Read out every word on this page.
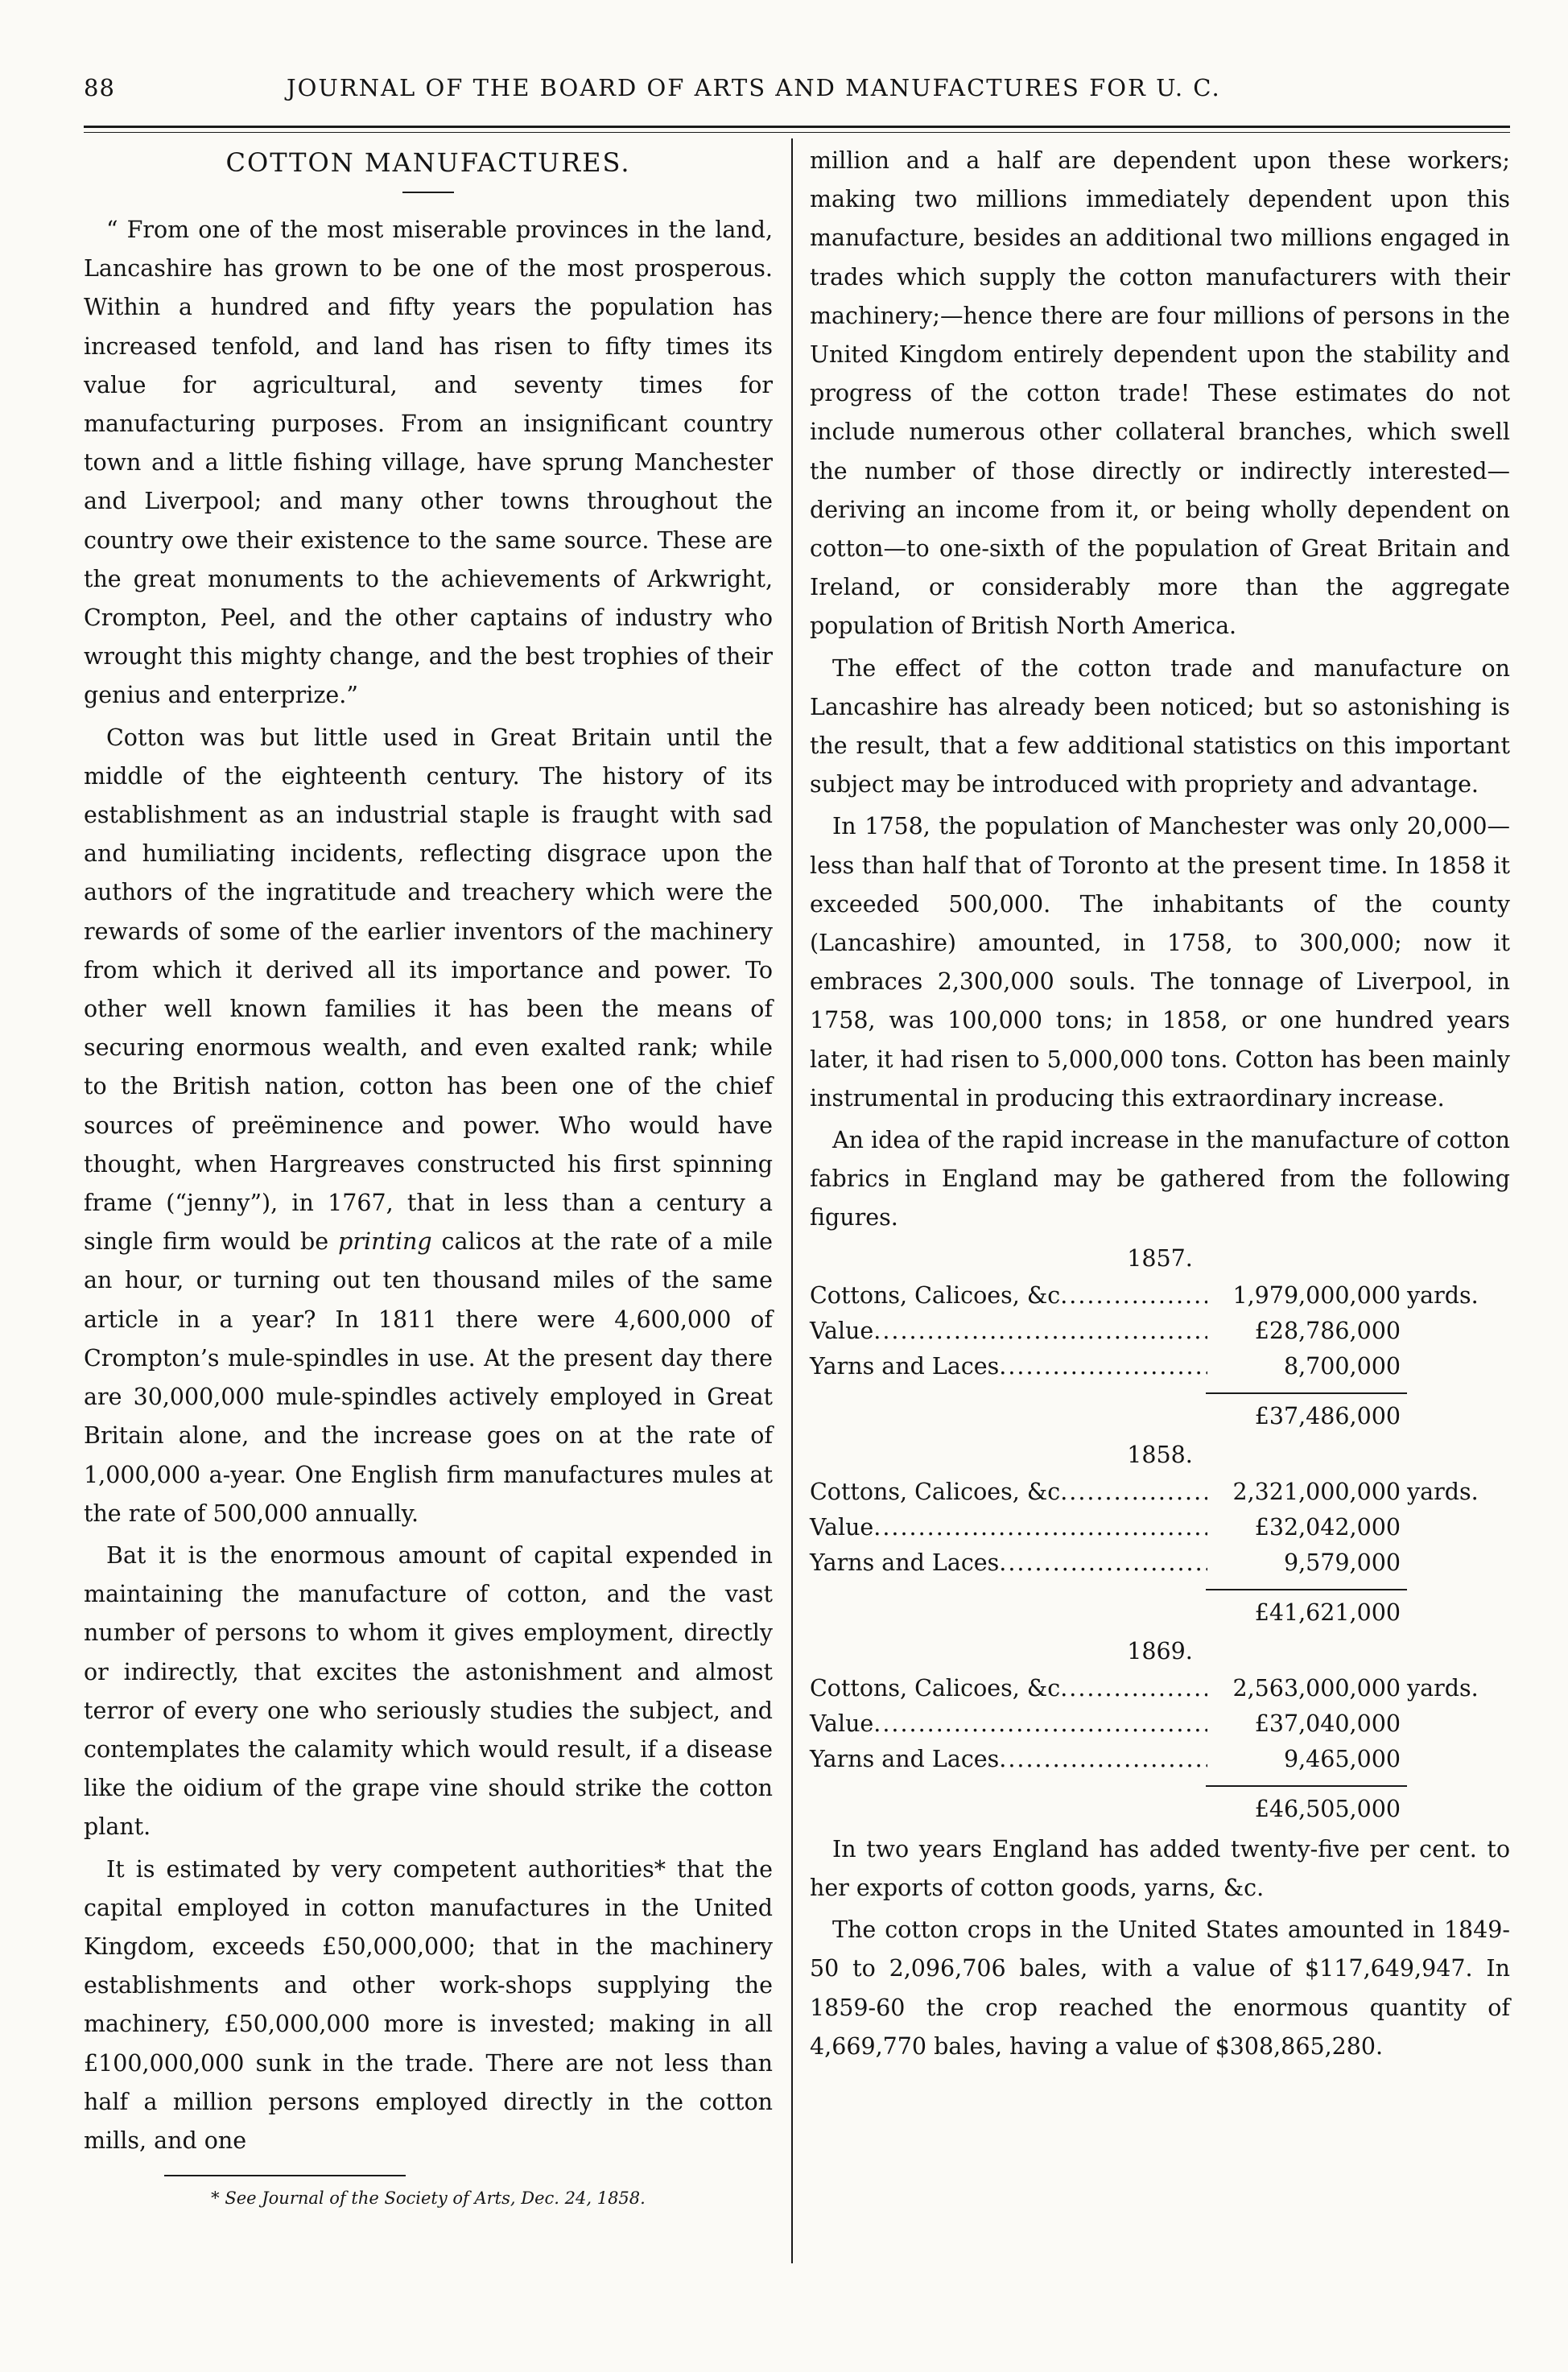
88	JOURNAL OF THE BOARD OF ARTS AND MANUFACTURES FOR U. C.
COTTON MANUFACTURES.

“ From one of the most miserable provinces in the land, Lancashire has grown to be one of the most prosperous. Within a hundred and fifty years the population has increased tenfold, and land has risen to fifty times its value for agricultural, and seventy times for manufacturing purposes. From an insignificant country town and a little fishing village, have sprung Manchester and Liverpool; and many other towns throughout the country owe their existence to the same source. These are the great monuments to the achievements of Arkwright, Crompton, Peel, and the other captains of industry who wrought this mighty change, and the best trophies of their genius and enterprize.”

Cotton was but little used in Great Britain until the middle of the eighteenth century. The history of its establishment as an industrial staple is fraught with sad and humiliating incidents, reflecting disgrace upon the authors of the ingratitude and treachery which were the rewards of some of the earlier inventors of the machinery from which it derived all its importance and power. To other well known families it has been the means of securing enormous wealth, and even exalted rank; while to the British nation, cotton has been one of the chief sources of preëminence and power. Who would have thought, when Hargreaves constructed his first spinning frame (“jenny”), in 1767, that in less than a century a single firm would be printing calicos at the rate of a mile an hour, or turning out ten thousand miles of the same article in a year? In 1811 there were 4,600,000 of Crompton’s mule-spindles in use. At the present day there are 30,000,000 mule-spindles actively employed in Great Britain alone, and the increase goes on at the rate of 1,000,000 a-year. One English firm manufactures mules at the rate of 500,000 annually.

Bat it is the enormous amount of capital expended in maintaining the manufacture of cotton, and the vast number of persons to whom it gives employment, directly or indirectly, that excites the astonishment and almost terror of every one who seriously studies the subject, and contemplates the calamity which would result, if a disease like the oidium of the grape vine should strike the cotton plant.

It is estimated by very competent authorities* that the capital employed in cotton manufactures in the United Kingdom, exceeds £50,000,000; that in the machinery establishments and other work-shops supplying the machinery, £50,000,000 more is invested; making in all £100,000,000 sunk in the trade. There are not less than half a million persons employed directly in the cotton mills, and one

* See Journal of the Society of Arts, Dec. 24, 1858.

million and a half are dependent upon these workers; making two millions immediately dependent upon this manufacture, besides an additional two millions engaged in trades which supply the cotton manufacturers with their machinery;—hence there are four millions of persons in the United Kingdom entirely dependent upon the stability and progress of the cotton trade! These estimates do not include numerous other collateral branches, which swell the number of those directly or indirectly interested—deriving an income from it, or being wholly dependent on cotton—to one-sixth of the population of Great Britain and Ireland, or considerably more than the aggregate population of British North America.

The effect of the cotton trade and manufacture on Lancashire has already been noticed; but so astonishing is the result, that a few additional statistics on this important subject may be introduced with propriety and advantage.

In 1758, the population of Manchester was only 20,000—less than half that of Toronto at the present time. In 1858 it exceeded 500,000. The inhabitants of the county (Lancashire) amounted, in 1758, to 300,000; now it embraces 2,300,000 souls. The tonnage of Liverpool, in 1758, was 100,000 tons; in 1858, or one hundred years later, it had risen to 5,000,000 tons. Cotton has been mainly instrumental in producing this extraordinary increase.

An idea of the rapid increase in the manufacture of cotton fabrics in England may be gathered from the following figures.

1857.
Cottons, Calicoes, &c .....	1,979,000,000 yards.
Value .....	£28,786,000
Yarns and Laces .....	8,700,000
£37,486,000
1858.
Cottons, Calicoes, &c .....	2,321,000,000 yards.
Value .....	£32,042,000
Yarns and Laces .....	9,579,000
£41,621,000
1869.
Cottons, Calicoes, &c .....	2,563,000,000 yards.
Value .....	£37,040,000
Yarns and Laces .....	9,465,000
£46,505,000

In two years England has added twenty-five per cent. to her exports of cotton goods, yarns, &c.

The cotton crops in the United States amounted in 1849-50 to 2,096,706 bales, with a value of $117,649,947. In 1859-60 the crop reached the enormous quantity of 4,669,770 bales, having a value of $308,865,280.
